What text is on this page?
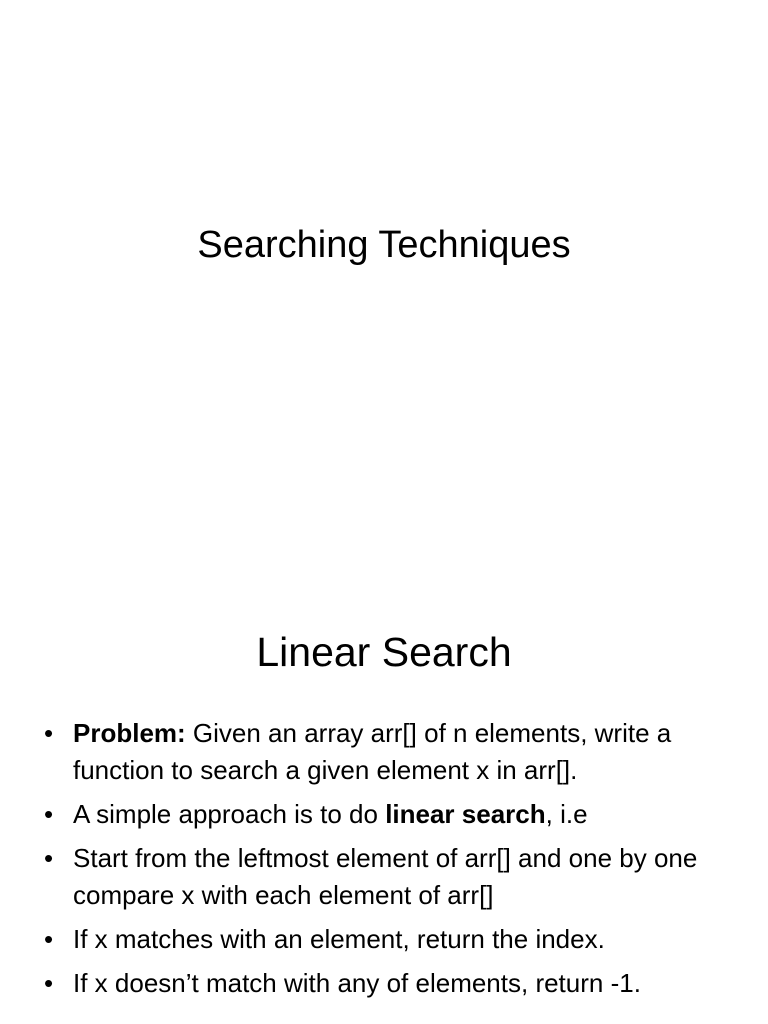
Searching Techniques
Linear Search
• Problem: Given an array arr[] of n elements, write a function to search a given element x in arr[].
• A simple approach is to do linear search, i.e
• Start from the leftmost element of arr[] and one by one compare x with each element of arr[]
• If x matches with an element, return the index.
• If x doesn’t match with any of elements, return -1.
